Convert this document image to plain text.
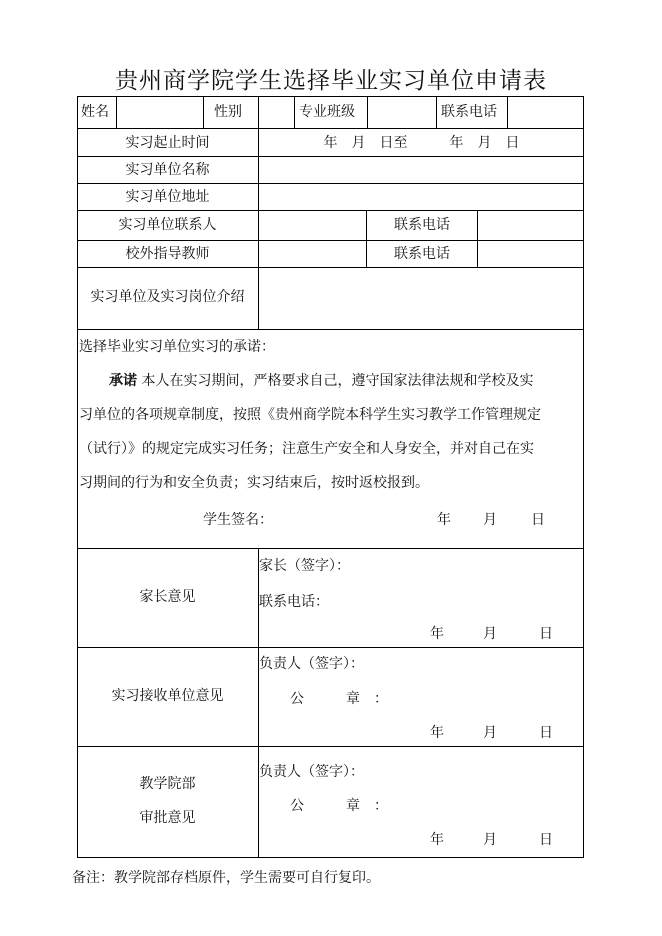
贵州商学院学生选择毕业实习单位申请表
姓名	性别	专业班级	联系电话
实习起止时间	年　月　日至　　　年　月　日
实习单位名称
实习单位地址
实习单位联系人	联系电话
校外指导教师	联系电话
实习单位及实习岗位介绍
选择毕业实习单位实习的承诺：
承诺 本人在实习期间，严格要求自己，遵守国家法律法规和学校及实
习单位的各项规章制度，按照《贵州商学院本科学生实习教学工作管理规定
（试行）》的规定完成实习任务；注意生产安全和人身安全，并对自己在实
习期间的行为和安全负责；实习结束后，按时返校报到。
学生签名：	年 月 日
家长意见
家长（签字）：
联系电话：
年	月	日
实习接收单位意见
负责人（签字）：
公　　　章　：
年	月	日
教学院部
审批意见
负责人（签字）：
公　　　章　：
年	月	日
备注：教学院部存档原件，学生需要可自行复印。
